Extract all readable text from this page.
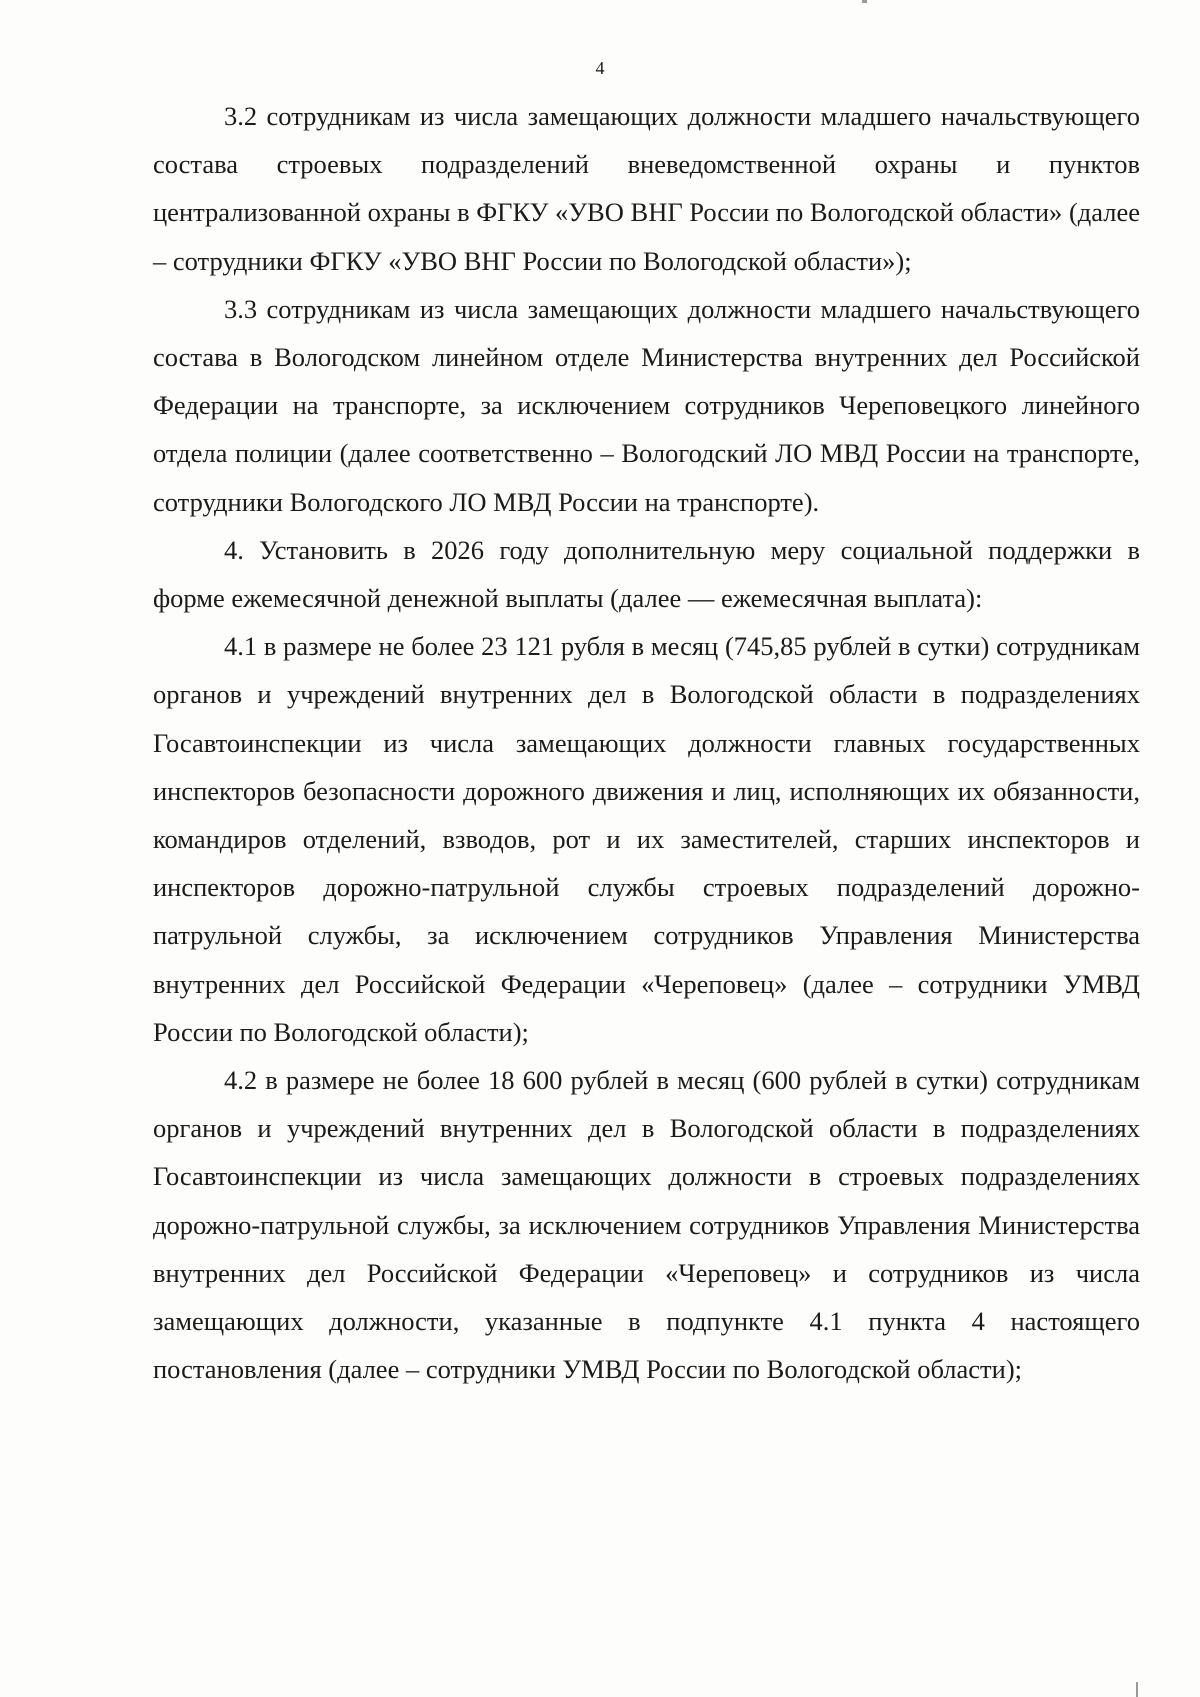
4

3.2 сотрудникам из числа замещающих должности младшего начальствующего состава строевых подразделений вневедомственной охраны и пунктов централизованной охраны в ФГКУ «УВО ВНГ России по Вологодской области» (далее – сотрудники ФГКУ «УВО ВНГ России по Вологодской области»);

3.3 сотрудникам из числа замещающих должности младшего начальствующего состава в Вологодском линейном отделе Министерства внутренних дел Российской Федерации на транспорте, за исключением сотрудников Череповецкого линейного отдела полиции (далее соответственно – Вологодский ЛО МВД России на транспорте, сотрудники Вологодского ЛО МВД России на транспорте).

4. Установить в 2026 году дополнительную меру социальной поддержки в форме ежемесячной денежной выплаты (далее — ежемесячная выплата):

4.1 в размере не более 23 121 рубля в месяц (745,85 рублей в сутки) сотрудникам органов и учреждений внутренних дел в Вологодской области в подразделениях Госавтоинспекции из числа замещающих должности главных государственных инспекторов безопасности дорожного движения и лиц, исполняющих их обязанности, командиров отделений, взводов, рот и их заместителей, старших инспекторов и инспекторов дорожно-патрульной службы строевых подразделений дорожно-патрульной службы, за исключением сотрудников Управления Министерства внутренних дел Российской Федерации «Череповец» (далее – сотрудники УМВД России по Вологодской области);

4.2 в размере не более 18 600 рублей в месяц (600 рублей в сутки) сотрудникам органов и учреждений внутренних дел в Вологодской области в подразделениях Госавтоинспекции из числа замещающих должности в строевых подразделениях дорожно-патрульной службы, за исключением сотрудников Управления Министерства внутренних дел Российской Федерации «Череповец» и сотрудников из числа замещающих должности, указанные в подпункте 4.1 пункта 4 настоящего постановления (далее – сотрудники УМВД России по Вологодской области);
